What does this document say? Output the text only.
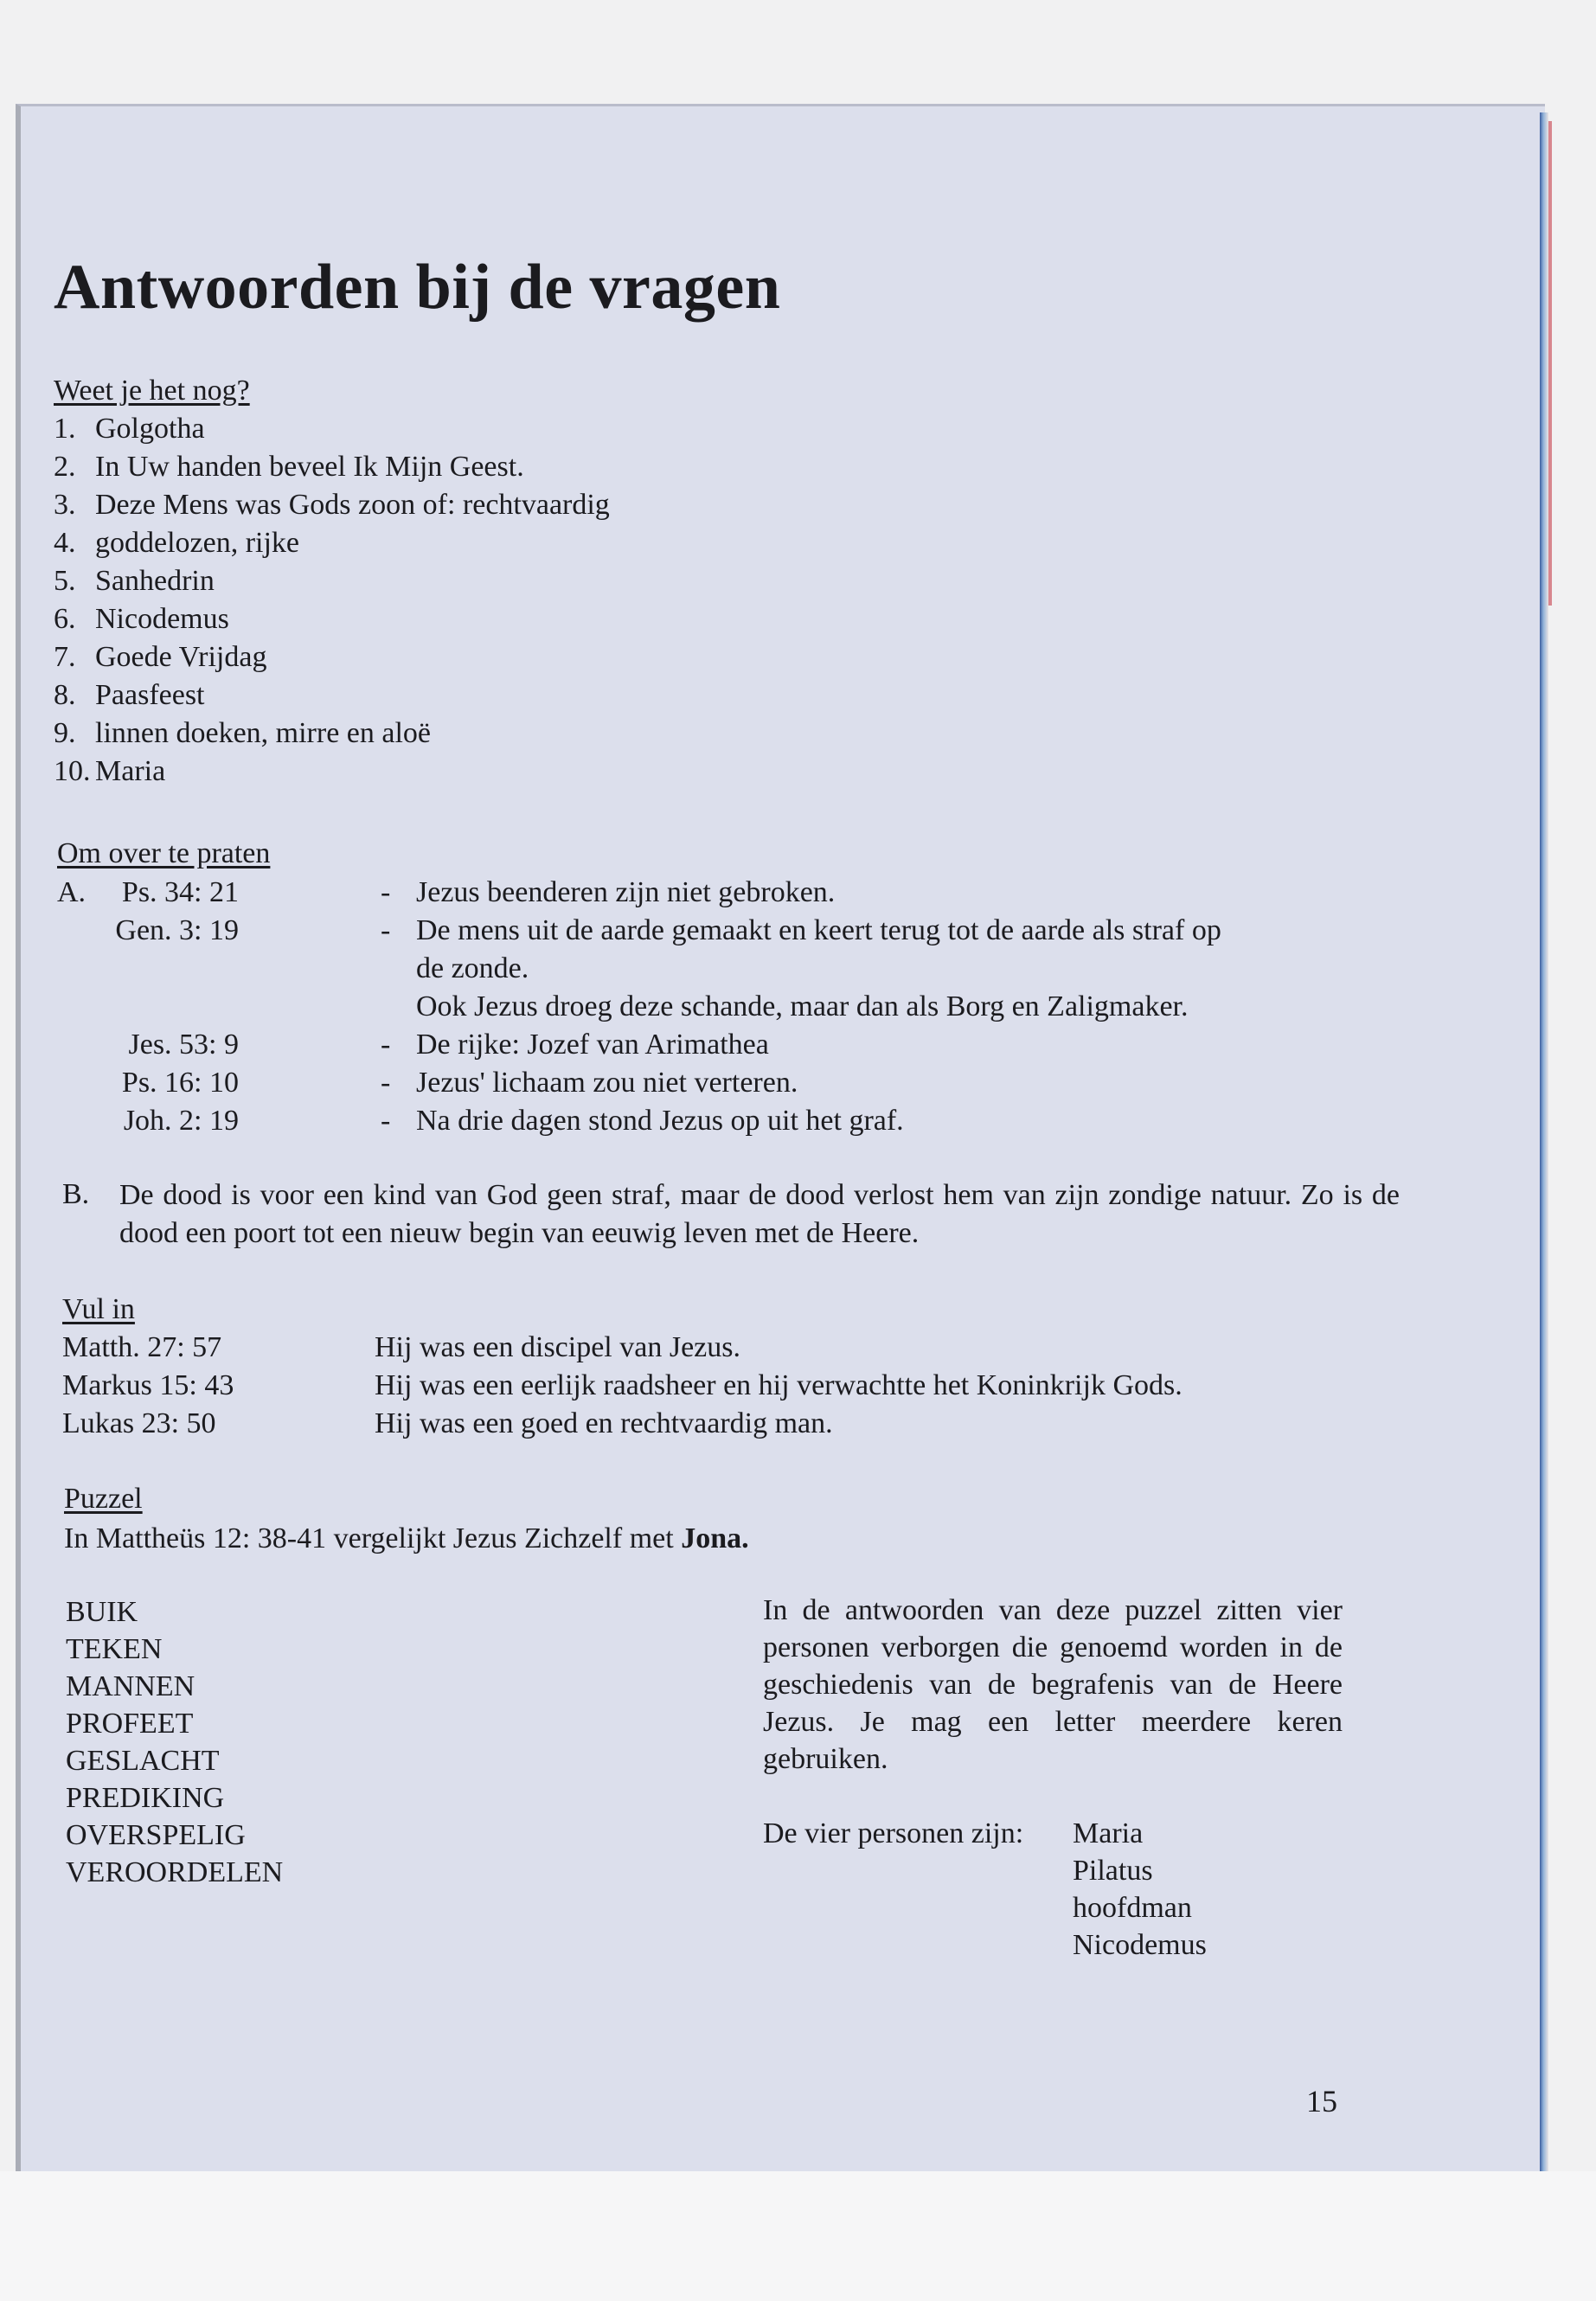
Antwoorden bij de vragen
Weet je het nog?
1. Golgotha
2. In Uw handen beveel Ik Mijn Geest.
3. Deze Mens was Gods zoon of: rechtvaardig
4. goddelozen, rijke
5. Sanhedrin
6. Nicodemus
7. Goede Vrijdag
8. Paasfeest
9. linnen doeken, mirre en aloë
10. Maria
Om over te praten
A.	Ps. 34: 21	- Jezus beenderen zijn niet gebroken.
Gen. 3: 19	- De mens uit de aarde gemaakt en keert terug tot de aarde als straf op
de zonde.
Ook Jezus droeg deze schande, maar dan als Borg en Zaligmaker.
Jes. 53: 9	- De rijke: Jozef van Arimathea
Ps. 16: 10	- Jezus' lichaam zou niet verteren.
Joh. 2: 19	- Na drie dagen stond Jezus op uit het graf.
B. De dood is voor een kind van God geen straf, maar de dood verlost hem van zijn zondige natuur. Zo is de dood een poort tot een nieuw begin van eeuwig leven met de Heere.

Vul in
Matth. 27: 57	Hij was een discipel van Jezus.
Markus 15: 43	Hij was een eerlijk raadsheer en hij verwachtte het Koninkrijk Gods.
Lukas 23: 50	Hij was een goed en rechtvaardig man.
Puzzel
In Mattheüs 12: 38-41 vergelijkt Jezus Zichzelf met Jona.
BUIK
TEKEN
MANNEN
PROFEET
GESLACHT
PREDIKING
OVERSPELIG
VEROORDELEN
In de antwoorden van deze puzzel zitten vier personen verborgen die genoemd worden in de geschiedenis van de begrafenis van de Heere Jezus. Je mag een letter meerdere keren gebruiken.
De vier personen zijn:	Maria
Pilatus
hoofdman
Nicodemus
15
